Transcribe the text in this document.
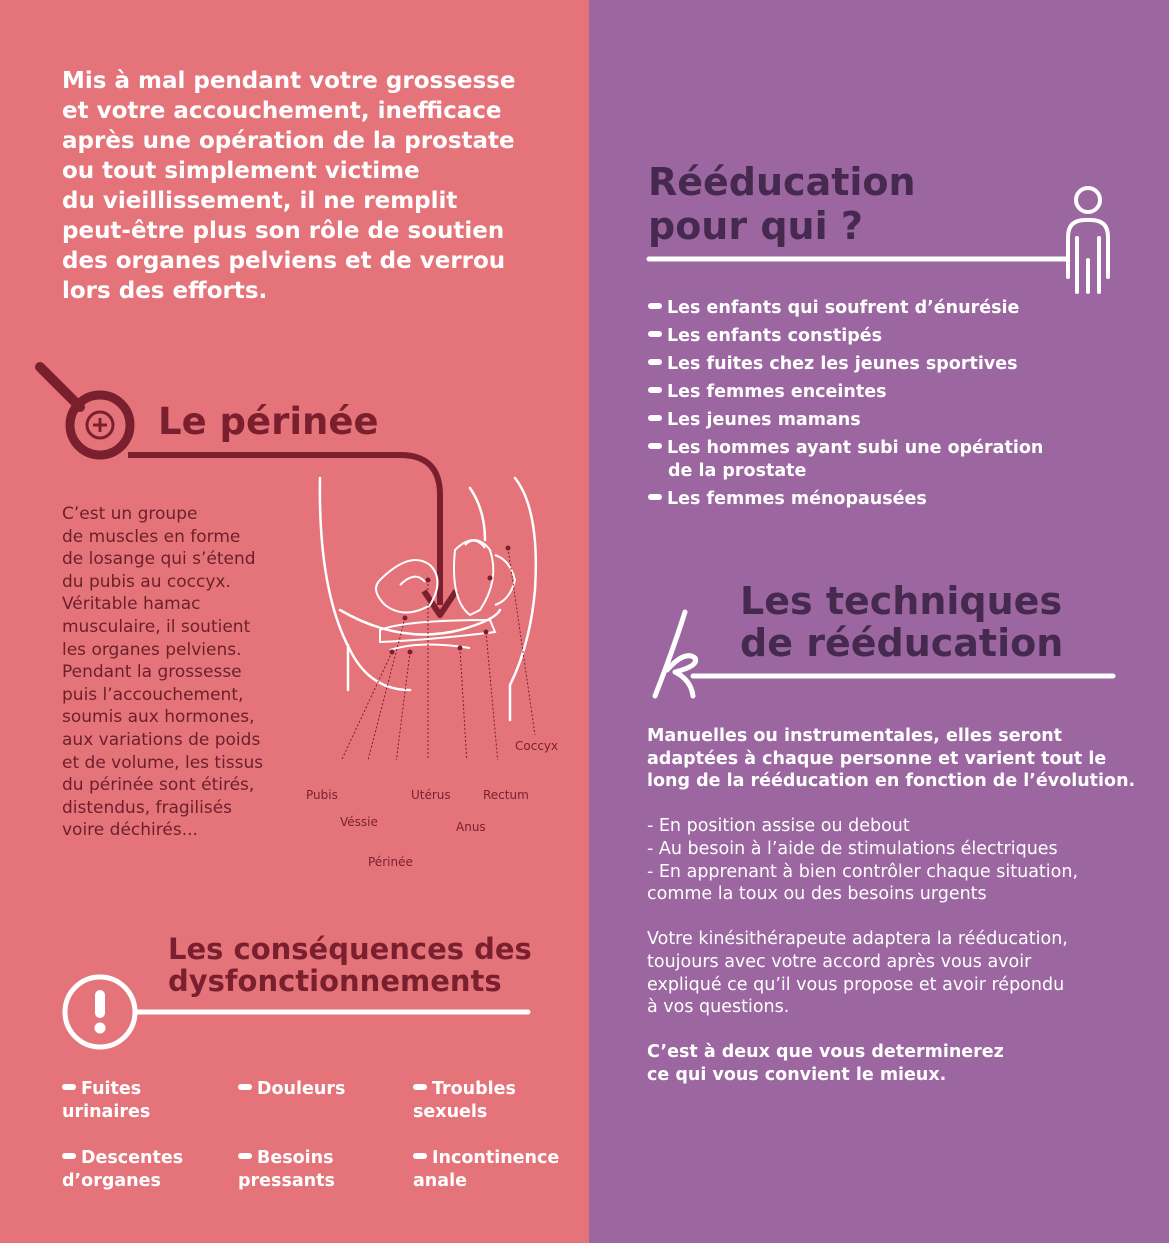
Mis à mal pendant votre grossesse

et votre accouchement, inefficace

après une opération de la prostate

ou tout simplement victime

du vieillissement, il ne remplit

peut-être plus son rôle de soutien

des organes pelviens et de verrou

lors des efforts.

Le périnée

C’est un groupe

de muscles en forme

de losange qui s’étend

du pubis au coccyx.

Véritable hamac

musculaire, il soutient

les organes pelviens.

Pendant la grossesse

puis l’accouchement,

soumis aux hormones,

aux variations de poids

et de volume, les tissus

du périnée sont étirés,

distendus, fragilisés

voire déchirés...

Pubis
Véssie
Périnée
Utérus
Anus
Rectum
Coccyx
Les conséquences des
dysfonctionnements
Fuites
urinaires
Douleurs	Troubles
sexuels
Descentes
d’organes
Besoins
pressants
Incontinence
anale
Rééducation
pour qui ?
Les enfants qui soufrent d’énurésie
Les enfants constipés
Les fuites chez les jeunes sportives
Les femmes enceintes
Les jeunes mamans
Les hommes ayant subi une opération
de la prostate
Les femmes ménopausées
Les techniques
de rééducation

Manuelles ou instrumentales, elles seront

adaptées à chaque personne et varient tout le

long de la rééducation en fonction de l’évolution.

- En position assise ou debout

- Au besoin à l’aide de stimulations électriques

- En apprenant à bien contrôler chaque situation,

comme la toux ou des besoins urgents

Votre kinésithérapeute adaptera la rééducation,

toujours avec votre accord après vous avoir

expliqué ce qu’il vous propose et avoir répondu

à vos questions.

C’est à deux que vous determinerez

ce qui vous convient le mieux.
